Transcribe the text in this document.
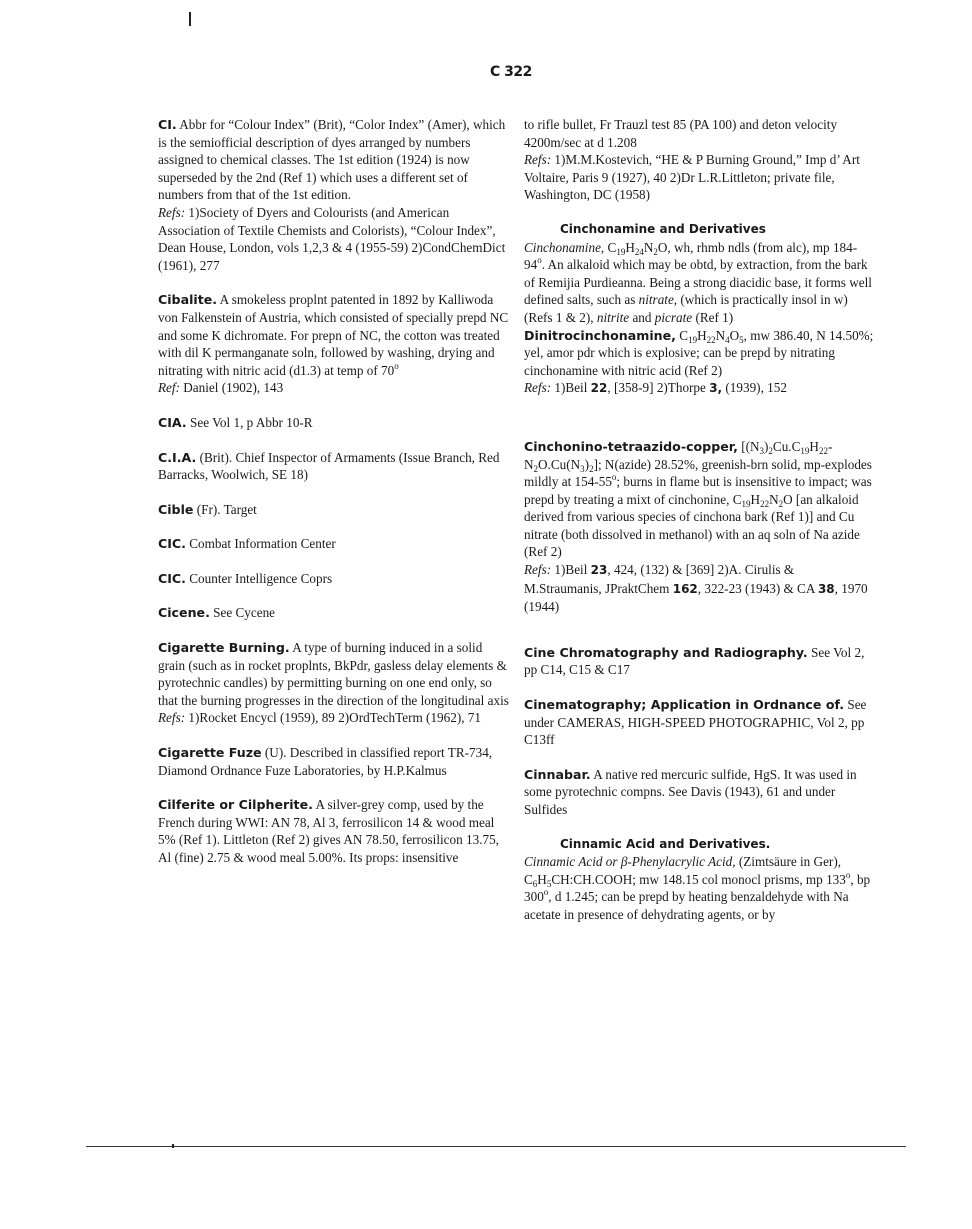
C 322

CI. Abbr for “Colour Index” (Brit), “Color Index” (Amer), which is the semiofficial description of dyes arranged by numbers assigned to chemical classes. The 1st edition (1924) is now superseded by the 2nd (Ref 1) which uses a different set of numbers from that of the 1st edition.

Refs: 1)Society of Dyers and Colourists (and American Association of Textile Chemists and Colorists), “Colour Index”, Dean House, London, vols 1,2,3 & 4 (1955-59) 2)CondChemDict (1961), 277

Cibalite. A smokeless proplnt patented in 1892 by Kalliwoda von Falkenstein of Austria, which consisted of specially prepd NC and some K dichromate. For prepn of NC, the cotton was treated with dil K permanganate soln, followed by washing, drying and nitrating with nitric acid (d1.3) at temp of 70$^o$

Ref: Daniel (1902), 143

CIA. See Vol 1, p Abbr 10-R

C.I.A. (Brit). Chief Inspector of Armaments (Issue Branch, Red Barracks, Woolwich, SE 18)

Cible (Fr). Target

CIC. Combat Information Center

CIC. Counter Intelligence Coprs

Cicene. See Cycene

Cigarette Burning. A type of burning induced in a solid grain (such as in rocket proplnts, BkPdr, gasless delay elements & pyrotechnic candles) by permitting burning on one end only, so that the burning progresses in the direction of the longitudinal axis

Refs: 1)Rocket Encycl (1959), 89 2)OrdTechTerm (1962), 71

Cigarette Fuze (U). Described in classified report TR-734, Diamond Ordnance Fuze Laboratories, by H.P.Kalmus

Cilferite or Cilpherite. A silver-grey comp, used by the French during WWI: AN 78, Al 3, ferrosilicon 14 & wood meal 5% (Ref 1). Littleton (Ref 2) gives AN 78.50, ferrosilicon 13.75, Al (fine) 2.75 & wood meal 5.00%. Its props: insensitive

to rifle bullet, Fr Trauzl test 85 (PA 100) and deton velocity 4200m/sec at d 1.208

Refs: 1)M.M.Kostevich, “HE & P Burning Ground,” Imp d’ Art Voltaire, Paris 9 (1927), 40 2)Dr L.R.Littleton; private file, Washington, DC (1958)

Cinchonamine and Derivatives

Cinchonamine, $C_{19}H_{24}N_2O$, wh, rhmb ndls (from alc), mp 184-94$^o$. An alkaloid which may be obtd, by extraction, from the bark of Remijia Purdieanna. Being a strong diacidic base, it forms well defined salts, such as nitrate, (which is practically insol in w) (Refs 1 & 2), nitrite and picrate (Ref 1)

Dinitrocinchonamine, $C_{19}H_{22}N_4O_5$, mw 386.40, N 14.50%; yel, amor pdr which is explosive; can be prepd by nitrating cinchonamine with nitric acid (Ref 2)

Refs: 1)Beil 22, [358-9] 2)Thorpe 3, (1939), 152

Cinchonino-tetraazido-copper, $[(N_3)_2Cu.C_{19}H_{22}-N_2O.Cu(N_3)_2]$; N(azide) 28.52%, greenish-brn solid, mp-explodes mildly at 154-55$^o$; burns in flame but is insensitive to impact; was prepd by treating a mixt of cinchonine, $C_{19}H_{22}N_2O$ [an alkaloid derived from various species of cinchona bark (Ref 1)] and Cu nitrate (both dissolved in methanol) with an aq soln of Na azide (Ref 2)

Refs: 1)Beil 23, 424, (132) & [369] 2)A. Cirulis & M.Straumanis, JPraktChem 162, 322-23 (1943) & CA 38, 1970 (1944)

Cine Chromatography and Radiography. See Vol 2, pp C14, C15 & C17

Cinematography; Application in Ordnance of. See under CAMERAS, HIGH-SPEED PHOTOGRAPHIC, Vol 2, pp C13ff

Cinnabar. A native red mercuric sulfide, HgS. It was used in some pyrotechnic compns. See Davis (1943), 61 and under Sulfides

Cinnamic Acid and Derivatives.

Cinnamic Acid or β-Phenylacrylic Acid, (Zimtsäure in Ger), $C_6H_5CH:CH.COOH$; mw 148.15 col monocl prisms, mp 133$^o$, bp 300$^o$, d 1.245; can be prepd by heating benzaldehyde with Na acetate in presence of dehydrating agents, or by
